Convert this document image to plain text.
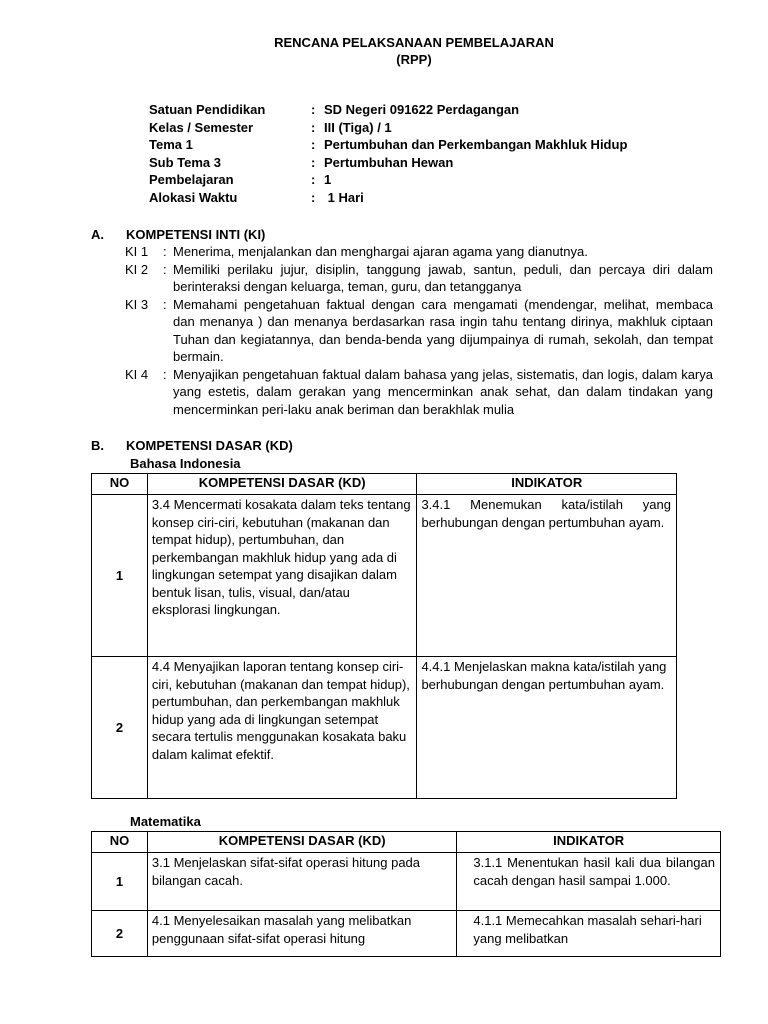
RENCANA PELAKSANAAN PEMBELAJARAN
(RPP)
Satuan Pendidikan	: SD Negeri 091622 Perdagangan
Kelas / Semester	: III (Tiga) / 1
Tema 1	: Pertumbuhan dan Perkembangan Makhluk Hidup
Sub Tema 3	: Pertumbuhan Hewan
Pembelajaran	: 1
Alokasi Waktu	: 1 Hari
A. KOMPETENSI INTI (KI)
KI 1 : Menerima, menjalankan dan menghargai ajaran agama yang dianutnya.
KI 2 : Memiliki perilaku jujur, disiplin, tanggung jawab, santun, peduli, dan percaya diri dalam berinteraksi dengan keluarga, teman, guru, dan tetangganya
KI 3 : Memahami pengetahuan faktual dengan cara mengamati (mendengar, melihat, membaca dan menanya ) dan menanya berdasarkan rasa ingin tahu tentang dirinya, makhluk ciptaan Tuhan dan kegiatannya, dan benda-benda yang dijumpainya di rumah, sekolah, dan tempat bermain.
KI 4 : Menyajikan pengetahuan faktual dalam bahasa yang jelas, sistematis, dan logis, dalam karya yang estetis, dalam gerakan yang mencerminkan anak sehat, dan dalam tindakan yang mencerminkan peri-laku anak beriman dan berakhlak mulia
B. KOMPETENSI DASAR (KD)
Bahasa Indonesia
NO	KOMPETENSI DASAR (KD)	INDIKATOR
1	3.4 Mencermati kosakata dalam teks tentang konsep ciri-ciri, kebutuhan (makanan dan tempat hidup), pertumbuhan, dan perkembangan makhluk hidup yang ada di lingkungan setempat yang disajikan dalam bentuk lisan, tulis, visual, dan/atau eksplorasi lingkungan.	3.4.1 Menemukan kata/istilah yang berhubungan dengan pertumbuhan ayam.

2	4.4 Menyajikan laporan tentang konsep ciri-ciri, kebutuhan (makanan dan tempat hidup), pertumbuhan, dan perkembangan makhluk hidup yang ada di lingkungan setempat secara tertulis menggunakan kosakata baku dalam kalimat efektif.	4.4.1 Menjelaskan makna kata/istilah yang berhubungan dengan pertumbuhan ayam.
Matematika
NO	KOMPETENSI DASAR (KD)	INDIKATOR
1	3.1 Menjelaskan sifat-sifat operasi hitung pada bilangan cacah.	3.1.1 Menentukan hasil kali dua bilangan cacah dengan hasil sampai 1.000.

2	4.1 Menyelesaikan masalah yang melibatkan penggunaan sifat-sifat operasi hitung	4.1.1 Memecahkan masalah sehari-hari yang melibatkan
